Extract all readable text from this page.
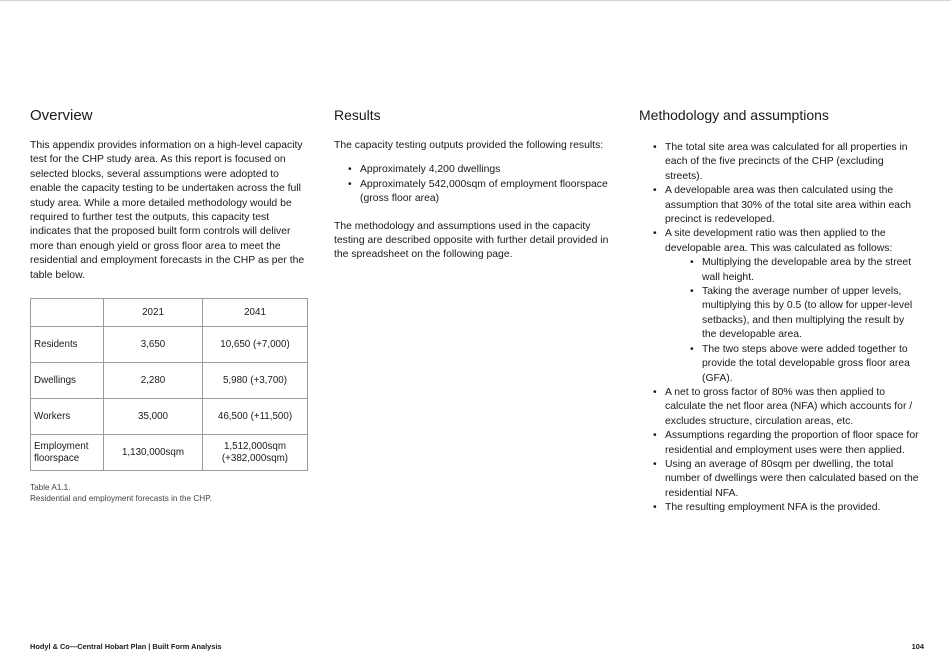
Overview

This appendix provides information on a high-level capacity test for the CHP study area. As this report is focused on selected blocks, several assumptions were adopted to enable the capacity testing to be undertaken across the full study area. While a more detailed methodology would be required to further test the outputs, this capacity test indicates that the proposed built form controls will deliver more than enough yield or gross floor area to meet the residential and employment forecasts in the CHP as per the table below.

	2021	2041
Residents	3,650	10,650 (+7,000)
Dwellings	2,280	5,980 (+3,700)
Workers	35,000	46,500 (+11,500)
Employment floorspace	1,130,000sqm	1,512,000sqm (+382,000sqm)
Table A1.1.
Residential and employment forecasts in the CHP.
Results

The capacity testing outputs provided the following results:

• Approximately 4,200 dwellings
• Approximately 542,000sqm of employment floorspace (gross floor area)

The methodology and assumptions used in the capacity testing are described opposite with further detail provided in the spreadsheet on the following page.

Methodology and assumptions
• The total site area was calculated for all properties in each of the five precincts of the CHP (excluding streets).
• A developable area was then calculated using the assumption that 30% of the total site area within each precinct is redeveloped.
• A site development ratio was then applied to the developable area. This was calculated as follows:
• Multiplying the developable area by the street wall height.
• Taking the average number of upper levels, multiplying this by 0.5 (to allow for upper-level setbacks), and then multiplying the result by the developable area.
• The two steps above were added together to provide the total developable gross floor area (GFA).
• A net to gross factor of 80% was then applied to calculate the net floor area (NFA) which accounts for / excludes structure, circulation areas, etc.
• Assumptions regarding the proportion of floor space for residential and employment uses were then applied.
• Using an average of 80sqm per dwelling, the total number of dwellings were then calculated based on the residential NFA.
• The resulting employment NFA is the provided.
Hodyl & Co—Central Hobart Plan | Built Form Analysis	104
